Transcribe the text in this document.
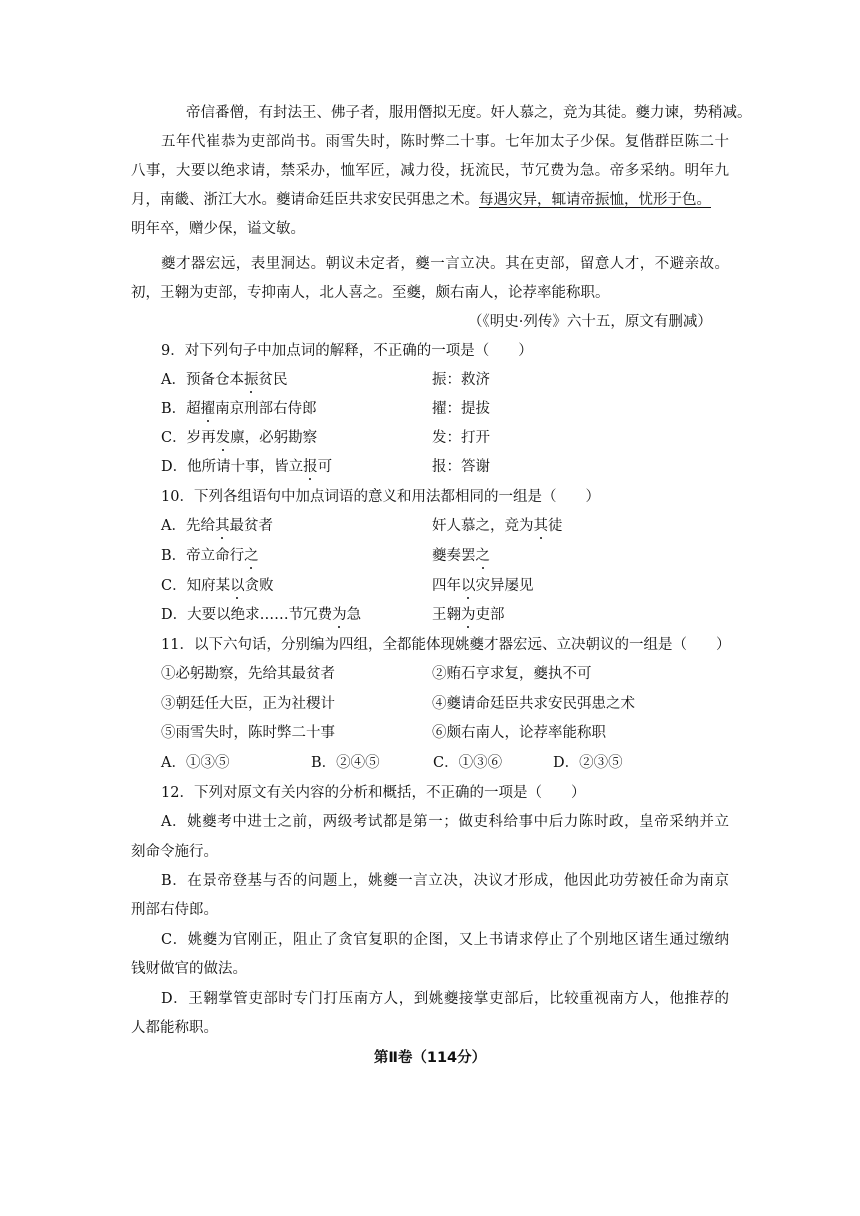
帝信番僧，有封法王、佛子者，服用僭拟无度。奸人慕之，竞为其徒。夔力谏，势稍减。
五年代崔恭为吏部尚书。雨雪失时，陈时弊二十事。七年加太子少保。复偕群臣陈二十
八事，大要以绝求请，禁采办，恤军匠，减力役，抚流民，节冗费为急。帝多采纳。明年九
月，南畿、浙江大水。夔请命廷臣共求安民弭患之术。每遇灾异，辄请帝振恤，忧形于色。
明年卒，赠少保，谥文敏。
夔才器宏远，表里洞达。朝议未定者，夔一言立决。其在吏部，留意人才，不避亲故。
初，王翱为吏部，专抑南人，北人喜之。至夔，颇右南人，论荐率能称职。
（《明史·列传》六十五，原文有删减）
9．对下列句子中加点词的解释，不正确的一项是（　　）
A．预备仓本振贫民	振：救济
B．超擢南京刑部右侍郎	擢：提拔
C．岁再发廪，必躬勘察	发：打开
D．他所请十事，皆立报可	报：答谢
10．下列各组语句中加点词语的意义和用法都相同的一组是（　　）
A．先给其最贫者	奸人慕之，竞为其徒
B．帝立命行之	夔奏罢之
C．知府某以贪败	四年以灾异屡见
D．大要以绝求……节冗费为急	王翱为吏部
11．以下六句话，分别编为四组，全都能体现姚夔才器宏远、立决朝议的一组是（　　）
①必躬勘察，先给其最贫者	②贿石亨求复，夔执不可
③朝廷任大臣，正为社稷计	④夔请命廷臣共求安民弭患之术
⑤雨雪失时，陈时弊二十事	⑥颇右南人，论荐率能称职
A．①③⑤	B．②④⑤	C．①③⑥	D．②③⑤
12．下列对原文有关内容的分析和概括，不正确的一项是（　　）
A．姚夔考中进士之前，两级考试都是第一；做吏科给事中后力陈时政，皇帝采纳并立
刻命令施行。
B．在景帝登基与否的问题上，姚夔一言立决，决议才形成，他因此功劳被任命为南京
刑部右侍郎。
C．姚夔为官刚正，阻止了贪官复职的企图，又上书请求停止了个别地区诸生通过缴纳
钱财做官的做法。
D．王翱掌管吏部时专门打压南方人，到姚夔接掌吏部后，比较重视南方人，他推荐的
人都能称职。
第Ⅱ卷（114分）
